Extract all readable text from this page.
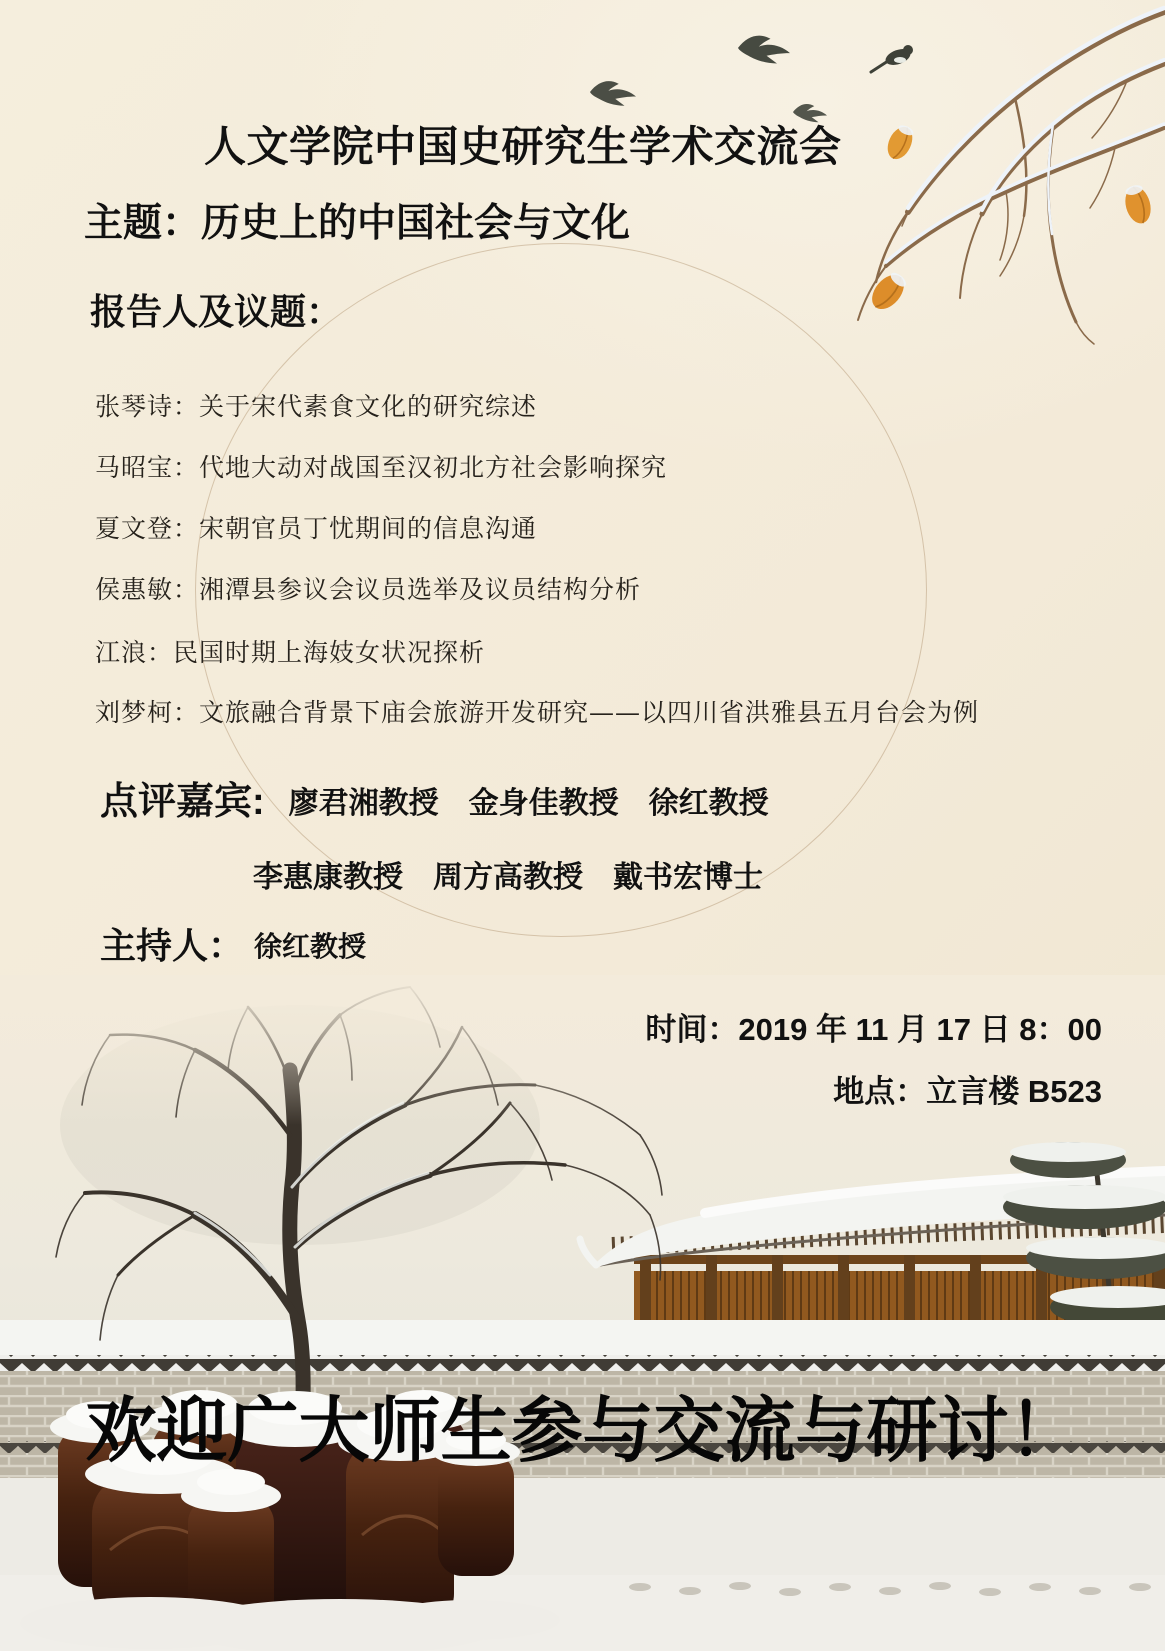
人文学院中国史研究生学术交流会
主题：历史上的中国社会与文化
报告人及议题：
张琴诗：关于宋代素食文化的研究综述
马昭宝：代地大动对战国至汉初北方社会影响探究
夏文登：宋朝官员丁忧期间的信息沟通
侯惠敏：湘潭县参议会议员选举及议员结构分析
江浪：民国时期上海妓女状况探析
刘梦柯：文旅融合背景下庙会旅游开发研究——以四川省洪雅县五月台会为例
点评嘉宾: 廖君湘教授　金身佳教授　徐红教授
李惠康教授　周方高教授　戴书宏博士
主持人： 徐红教授
时间：2019 年 11 月 17 日 8：00
地点：立言楼 B523
欢迎广大师生参与交流与研讨！
